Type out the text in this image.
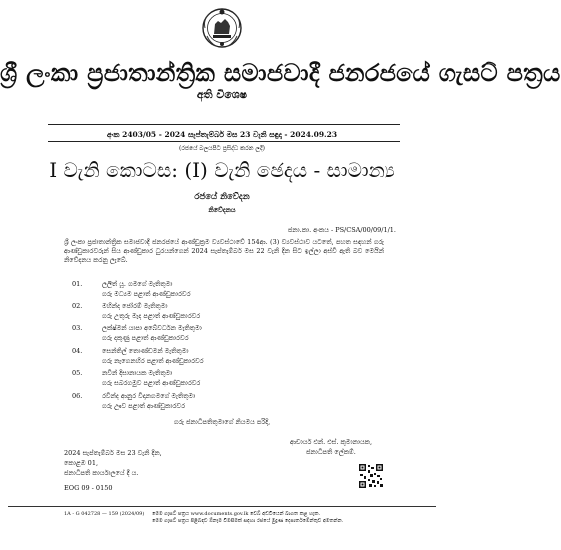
ශ්‍රී ලංකා ප්‍රජාතාන්ත්‍රික සමාජවාදී ජනරජයේ ගැසට් පත්‍රය
අති විශෙෂ
අංක 2403/05 - 2024 සැප්තැම්බර් මස 23 වැනි සඳුදා - 2024.09.23
(රජයේ බලයපිට ප්‍රසිද්ධ කරන ලදී)
I වැනි කොටස: (I) වැනි ඡෙදය - සාමාන්‍ය
රජයේ නිවේදන
නිවේදනය
ජනා.කා. අංකය - PS/CSA/00/09/1/1.
ශ්‍රී ලංකා ප්‍රජාතාන්ත්‍රික සමාජවාදී ජනරජයේ ආණ්ඩුක්‍රම ව්‍යවස්ථාවේ 154ආ. (3) ව්‍යවස්ථාව යටතේ, පහත සඳහන් ගරු ආණ්ඩුකාරවරුන් සිය ආණ්ඩුකාර ධුරයන්ගෙන් 2024 සැප්තැම්බර් මස 22 වැනි දින සිට ඉල්ලා අස්වී ඇති බව මෙයින් නිවේදනය කරනු ලැබේ.
01.	ලලිත් යූ. ගමගේ මැතිතුමා
ගරු මධ්‍යම පළාත් ආණ්ඩුකාරවර
02.	මහින්ද ජෝරම් මැතිතුමා
ගරු උතුරු මැද පළාත් ආණ්ඩුකාරවර
03.	ලක්ෂ්මන් යාපා අබේවර්ධන මැතිතුමා
ගරු දකුණු පළාත් ආණ්ඩුකාරවර
04.	සෙන්තිල් තොණ්ඩමන් මැතිතුමා
ගරු නැගෙනහිර පළාත් ආණ්ඩුකාරවර
05.	නවීන් දිසානායක මැතිතුමා
ගරු සබරගමුව පළාත් ආණ්ඩුකාරවර
06.	රවින්ද ආනුර විදානගමගේ මැතිතුමා
ගරු ඌව පළාත් ආණ්ඩුකාරවර
ගරු ජනාධිපතිතුමාගේ නියමය පරිදි,
ආචාර්ය එන්. එස්. කුමානායක,
ජනාධිපති ලේකම්.
2024 සැප්තැම්බර් මස 23 වැනි දින,
කොළඹ 01,
ජනාධිපති කාර්යාලයේ දී ය.
EOG 09 - 0150
1A - G 042728 — 159 (2024/09) මෙම ගැසට් පත්‍රය www.documents.gov.lk වෙබ් අඩවියෙන් බාගත කළ හැක.
මෙම ගැසට් පත්‍රය පිළිබඳව ඕනෑම විමසීමක් සඳහා රජයේ මුද්‍රණ දෙපාර්තමේන්තුව අමතන්න.
